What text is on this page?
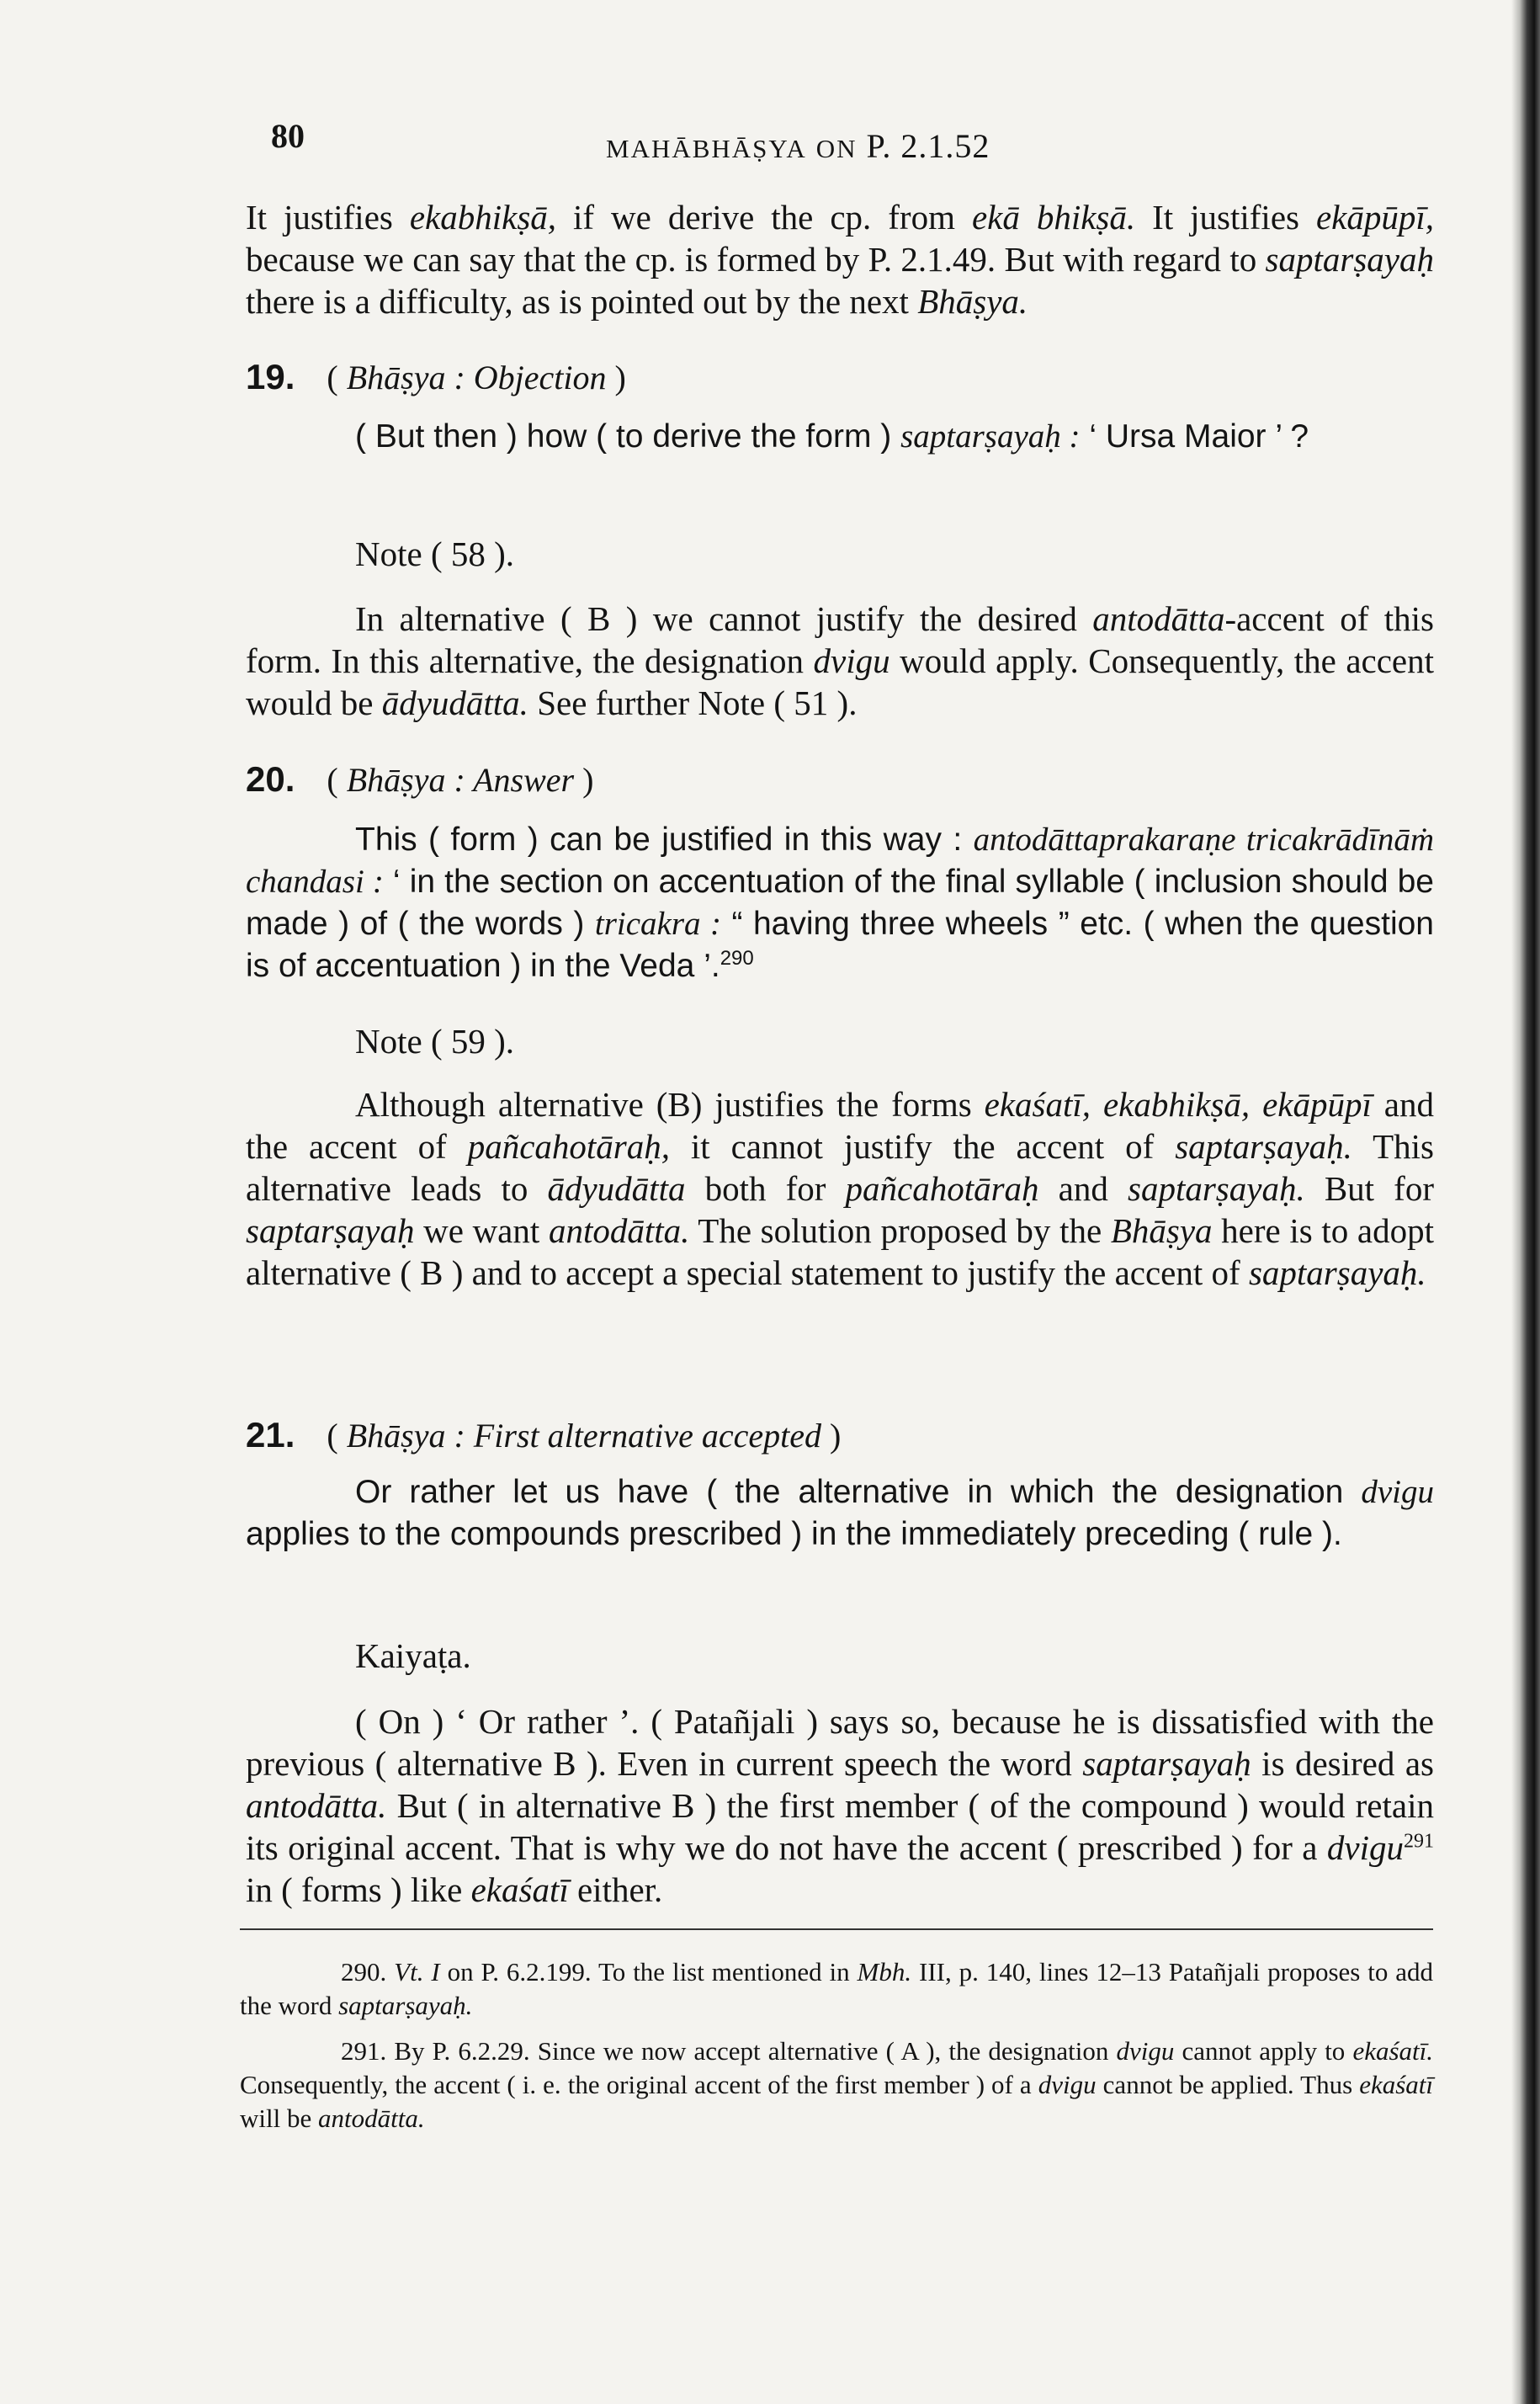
80	MAHĀBHĀṢYA ON P. 2.1.52
It justifies ekabhikṣā, if we derive the cp. from ekā bhikṣā. It justifies ekāpūpī, because we can say that the cp. is formed by P. 2.1.49. But with regard to saptarṣayaḥ there is a difficulty, as is pointed out by the next Bhāṣya.
19. ( Bhāṣya : Objection )
( But then ) how ( to derive the form ) saptarṣayaḥ : ‘ Ursa Maior ’ ?
Note ( 58 ).
In alternative ( B ) we cannot justify the desired antodātta-accent of this form. In this alternative, the designation dvigu would apply. Consequently, the accent would be ādyudātta. See further Note ( 51 ).
20. ( Bhāṣya : Answer )
This ( form ) can be justified in this way : antodāttaprakaraṇe tricakrādīnāṁ chandasi : ‘ in the section on accentuation of the final syllable ( inclusion should be made ) of ( the words ) tricakra : “ having three wheels ” etc. ( when the question is of accentuation ) in the Veda ’.$^{290}$
Note ( 59 ).
Although alternative (B) justifies the forms ekaśatī, ekabhikṣā, ekāpūpī and the accent of pañcahotāraḥ, it cannot justify the accent of saptarṣayaḥ. This alternative leads to ādyudātta both for pañcahotāraḥ and saptarṣayaḥ. But for saptarṣayaḥ we want antodātta. The solution proposed by the Bhāṣya here is to adopt alternative ( B ) and to accept a special statement to justify the accent of saptarṣayaḥ.
21. ( Bhāṣya : First alternative accepted )
Or rather let us have ( the alternative in which the designation dvigu applies to the compounds prescribed ) in the immediately preceding ( rule ).
Kaiyaṭa.
( On ) ‘ Or rather ’. ( Patañjali ) says so, because he is dissatisfied with the previous ( alternative B ). Even in current speech the word saptarṣayaḥ is desired as antodātta. But ( in alternative B ) the first member ( of the compound ) would retain its original accent. That is why we do not have the accent ( prescribed ) for a dvigu$^{291}$ in ( forms ) like ekaśatī either.
290. Vt. I on P. 6.2.199. To the list mentioned in Mbh. III, p. 140, lines 12–13 Patañjali proposes to add the word saptarṣayaḥ.
291. By P. 6.2.29. Since we now accept alternative ( A ), the designation dvigu cannot apply to ekaśatī. Consequently, the accent ( i. e. the original accent of the first member ) of a dvigu cannot be applied. Thus ekaśatī will be antodātta.
